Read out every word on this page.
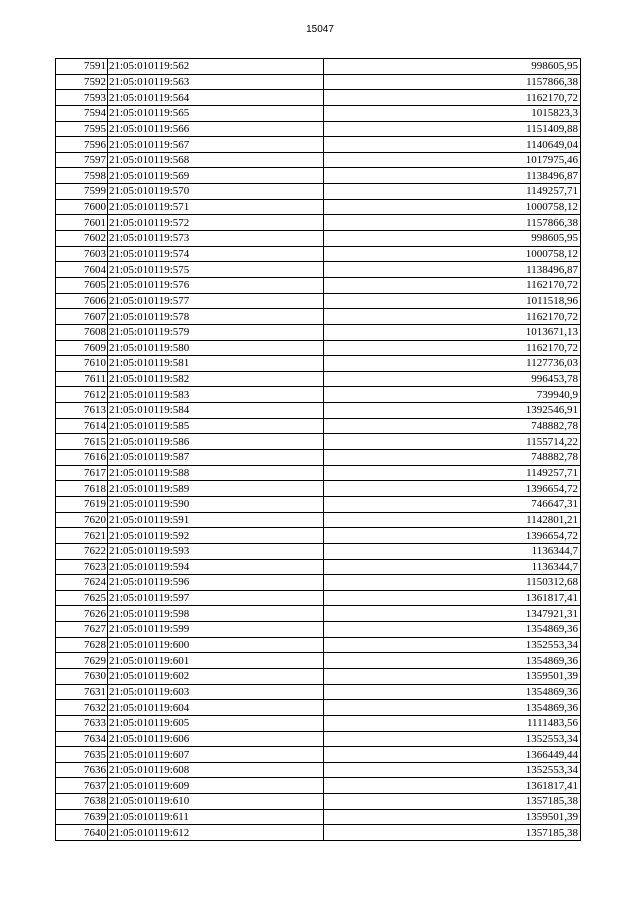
15047
7591	21:05:010119:562	998605,95
7592	21:05:010119:563	1157866,38
7593	21:05:010119:564	1162170,72
7594	21:05:010119:565	1015823,3
7595	21:05:010119:566	1151409,88
7596	21:05:010119:567	1140649,04
7597	21:05:010119:568	1017975,46
7598	21:05:010119:569	1138496,87
7599	21:05:010119:570	1149257,71
7600	21:05:010119:571	1000758,12
7601	21:05:010119:572	1157866,38
7602	21:05:010119:573	998605,95
7603	21:05:010119:574	1000758,12
7604	21:05:010119:575	1138496,87
7605	21:05:010119:576	1162170,72
7606	21:05:010119:577	1011518,96
7607	21:05:010119:578	1162170,72
7608	21:05:010119:579	1013671,13
7609	21:05:010119:580	1162170,72
7610	21:05:010119:581	1127736,03
7611	21:05:010119:582	996453,78
7612	21:05:010119:583	739940,9
7613	21:05:010119:584	1392546,91
7614	21:05:010119:585	748882,78
7615	21:05:010119:586	1155714,22
7616	21:05:010119:587	748882,78
7617	21:05:010119:588	1149257,71
7618	21:05:010119:589	1396654,72
7619	21:05:010119:590	746647,31
7620	21:05:010119:591	1142801,21
7621	21:05:010119:592	1396654,72
7622	21:05:010119:593	1136344,7
7623	21:05:010119:594	1136344,7
7624	21:05:010119:596	1150312,68
7625	21:05:010119:597	1361817,41
7626	21:05:010119:598	1347921,31
7627	21:05:010119:599	1354869,36
7628	21:05:010119:600	1352553,34
7629	21:05:010119:601	1354869,36
7630	21:05:010119:602	1359501,39
7631	21:05:010119:603	1354869,36
7632	21:05:010119:604	1354869,36
7633	21:05:010119:605	1111483,56
7634	21:05:010119:606	1352553,34
7635	21:05:010119:607	1366449,44
7636	21:05:010119:608	1352553,34
7637	21:05:010119:609	1361817,41
7638	21:05:010119:610	1357185,38
7639	21:05:010119:611	1359501,39
7640	21:05:010119:612	1357185,38
